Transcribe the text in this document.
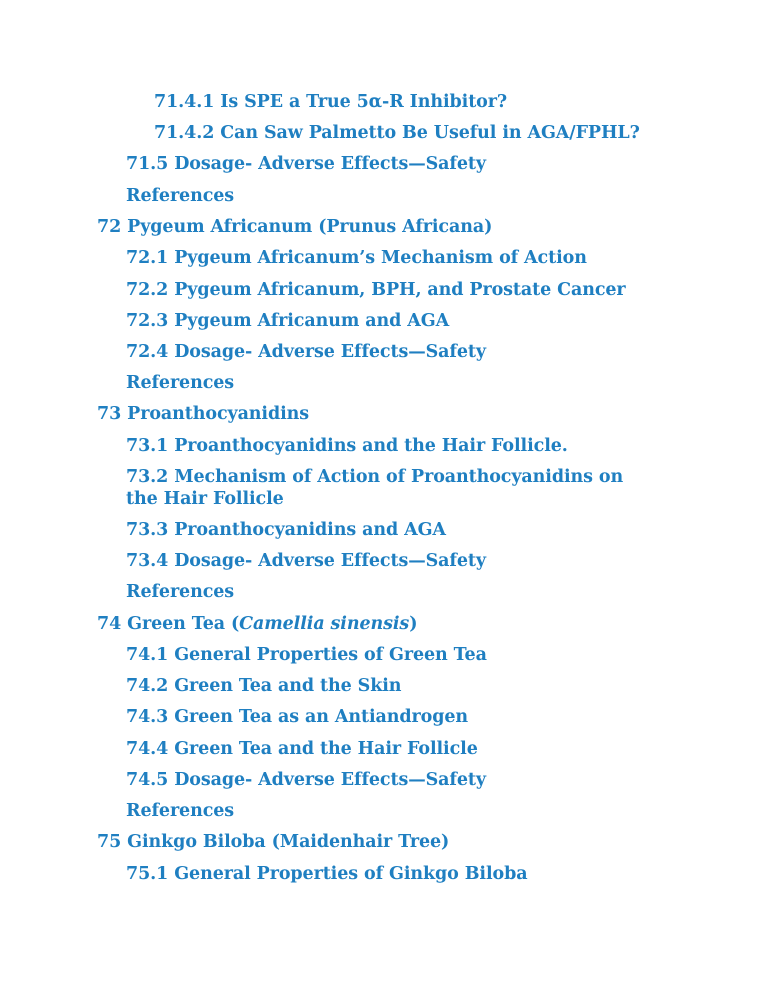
71.4.1 Is SPE a True 5α-R Inhibitor?
71.4.2 Can Saw Palmetto Be Useful in AGA/FPHL?
71.5 Dosage- Adverse Effects—Safety
References
72 Pygeum Africanum (Prunus Africana)
72.1 Pygeum Africanum’s Mechanism of Action
72.2 Pygeum Africanum, BPH, and Prostate Cancer
72.3 Pygeum Africanum and AGA
72.4 Dosage- Adverse Effects—Safety
References
73 Proanthocyanidins
73.1 Proanthocyanidins and the Hair Follicle.
73.2 Mechanism of Action of Proanthocyanidins on the Hair Follicle
73.3 Proanthocyanidins and AGA
73.4 Dosage- Adverse Effects—Safety
References
74 Green Tea (Camellia sinensis)
74.1 General Properties of Green Tea
74.2 Green Tea and the Skin
74.3 Green Tea as an Antiandrogen
74.4 Green Tea and the Hair Follicle
74.5 Dosage- Adverse Effects—Safety
References
75 Ginkgo Biloba (Maidenhair Tree)
75.1 General Properties of Ginkgo Biloba
